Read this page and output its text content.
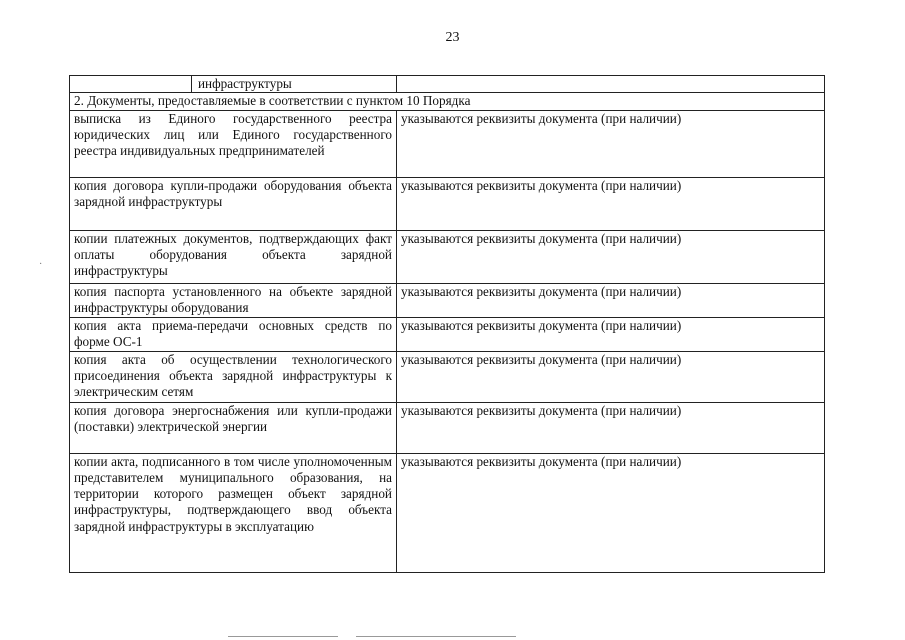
23
инфраструктуры	

2. Документы, предоставляемые в соответствии с пунктом 10 Порядка	
выписка из Единого государственного реестра юридических лиц или Единого государственного реестра индивидуальных предпринимателей	указываются реквизиты документа (при наличии)
копия договора купли-продажи оборудования объекта зарядной инфраструктуры	указываются реквизиты документа (при наличии)
копии платежных документов, подтверждающих факт оплаты оборудования объекта зарядной инфраструктуры	указываются реквизиты документа (при наличии)
копия паспорта установленного на объекте зарядной инфраструктуры оборудования	указываются реквизиты документа (при наличии)
копия акта приема-передачи основных средств по форме ОС-1	указываются реквизиты документа (при наличии)
копия акта об осуществлении технологического присоединения объекта зарядной инфраструктуры к электрическим сетям	указываются реквизиты документа (при наличии)
копия договора энергоснабжения или купли-продажи (поставки) электрической энергии	указываются реквизиты документа (при наличии)
копии акта, подписанного в том числе уполномоченным представителем муниципального образования, на территории которого размещен объект зарядной инфраструктуры, подтверждающего ввод объекта зарядной инфраструктуры в эксплуатацию	указываются реквизиты документа (при наличии)
·
